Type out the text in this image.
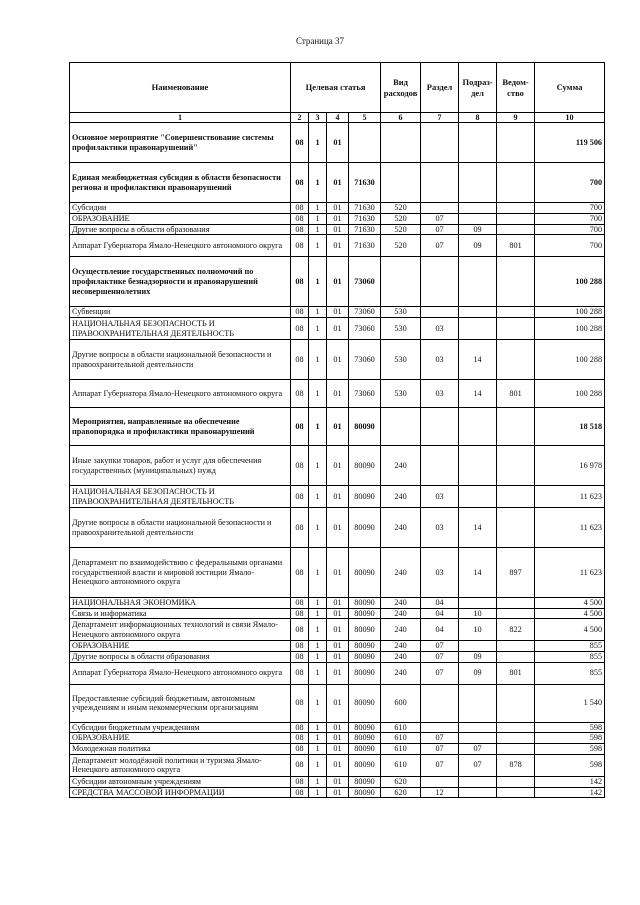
Страница 37
Наименование	Целевая статья				Вид расходов	Раздел	Подраз-дел	Ведом-ство	Сумма
1	2	3	4	5	6	7	8	9	10
Основное мероприятие "Совершенствование системы профилактики правонарушений"	08	1	01						119 506
Единая межбюджетная субсидия в области безопасности региона и профилактики правонарушений	08	1	01	71630					700
Субсидии	08	1	01	71630	520				700
ОБРАЗОВАНИЕ	08	1	01	71630	520	07			700
Другие вопросы в области образования	08	1	01	71630	520	07	09		700
Аппарат Губернатора Ямало-Ненецкого автономного округа	08	1	01	71630	520	07	09	801	700
Осуществление государственных полномочий по профилактике безнадзорности и правонарушений несовершеннолетних	08	1	01	73060					100 288
Субвенции	08	1	01	73060	530				100 288
НАЦИОНАЛЬНАЯ БЕЗОПАСНОСТЬ И ПРАВООХРАНИТЕЛЬНАЯ ДЕЯТЕЛЬНОСТЬ	08	1	01	73060	530	03			100 288
Другие вопросы в области национальной безопасности и правоохранительной деятельности	08	1	01	73060	530	03	14		100 288
Аппарат Губернатора Ямало-Ненецкого автономного округа	08	1	01	73060	530	03	14	801	100 288
Мероприятия, направленные на обеспечение правопорядка и профилактики правонарушений	08	1	01	80090					18 518
Иные закупки товаров, работ и услуг для обеспечения государственных (муниципальных) нужд	08	1	01	80090	240				16 978
НАЦИОНАЛЬНАЯ БЕЗОПАСНОСТЬ И ПРАВООХРАНИТЕЛЬНАЯ ДЕЯТЕЛЬНОСТЬ	08	1	01	80090	240	03			11 623
Другие вопросы в области национальной безопасности и правоохранительной деятельности	08	1	01	80090	240	03	14		11 623
Департамент по взаимодействию с федеральными органами государственной власти и мировой юстиции Ямало-Ненецкого автономного округа	08	1	01	80090	240	03	14	897	11 623
НАЦИОНАЛЬНАЯ ЭКОНОМИКА	08	1	01	80090	240	04			4 500
Связь и информатика	08	1	01	80090	240	04	10		4 500
Департамент информационных технологий и связи Ямало-Ненецкого автономного округа	08	1	01	80090	240	04	10	822	4 500
ОБРАЗОВАНИЕ	08	1	01	80090	240	07			855
Другие вопросы в области образования	08	1	01	80090	240	07	09		855
Аппарат Губернатора Ямало-Ненецкого автономного округа	08	1	01	80090	240	07	09	801	855
Предоставление субсидий бюджетным, автономным учреждениям и иным некоммерческим организациям	08	1	01	80090	600				1 540
Субсидии бюджетным учреждениям	08	1	01	80090	610				598
ОБРАЗОВАНИЕ	08	1	01	80090	610	07			598
Молодежная политика	08	1	01	80090	610	07	07		598
Департамент молодёжной политики и туризма Ямало-Ненецкого автономного округа	08	1	01	80090	610	07	07	878	598
Субсидии автономным учреждениям	08	1	01	80090	620				142
СРЕДСТВА МАССОВОЙ ИНФОРМАЦИИ	08	1	01	80090	620	12			142
